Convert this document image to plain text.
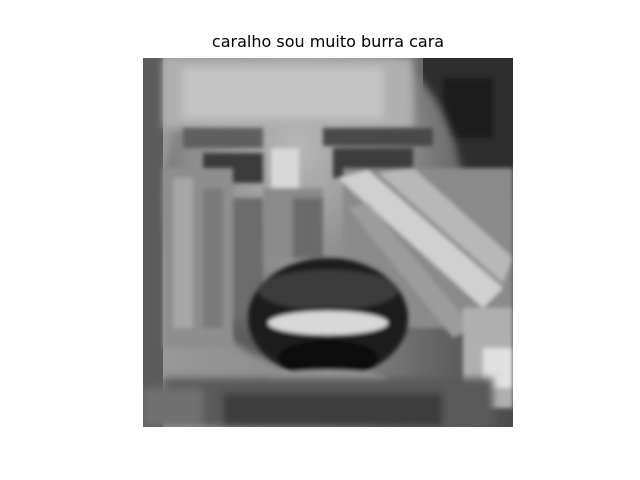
caralho sou muito burra cara
